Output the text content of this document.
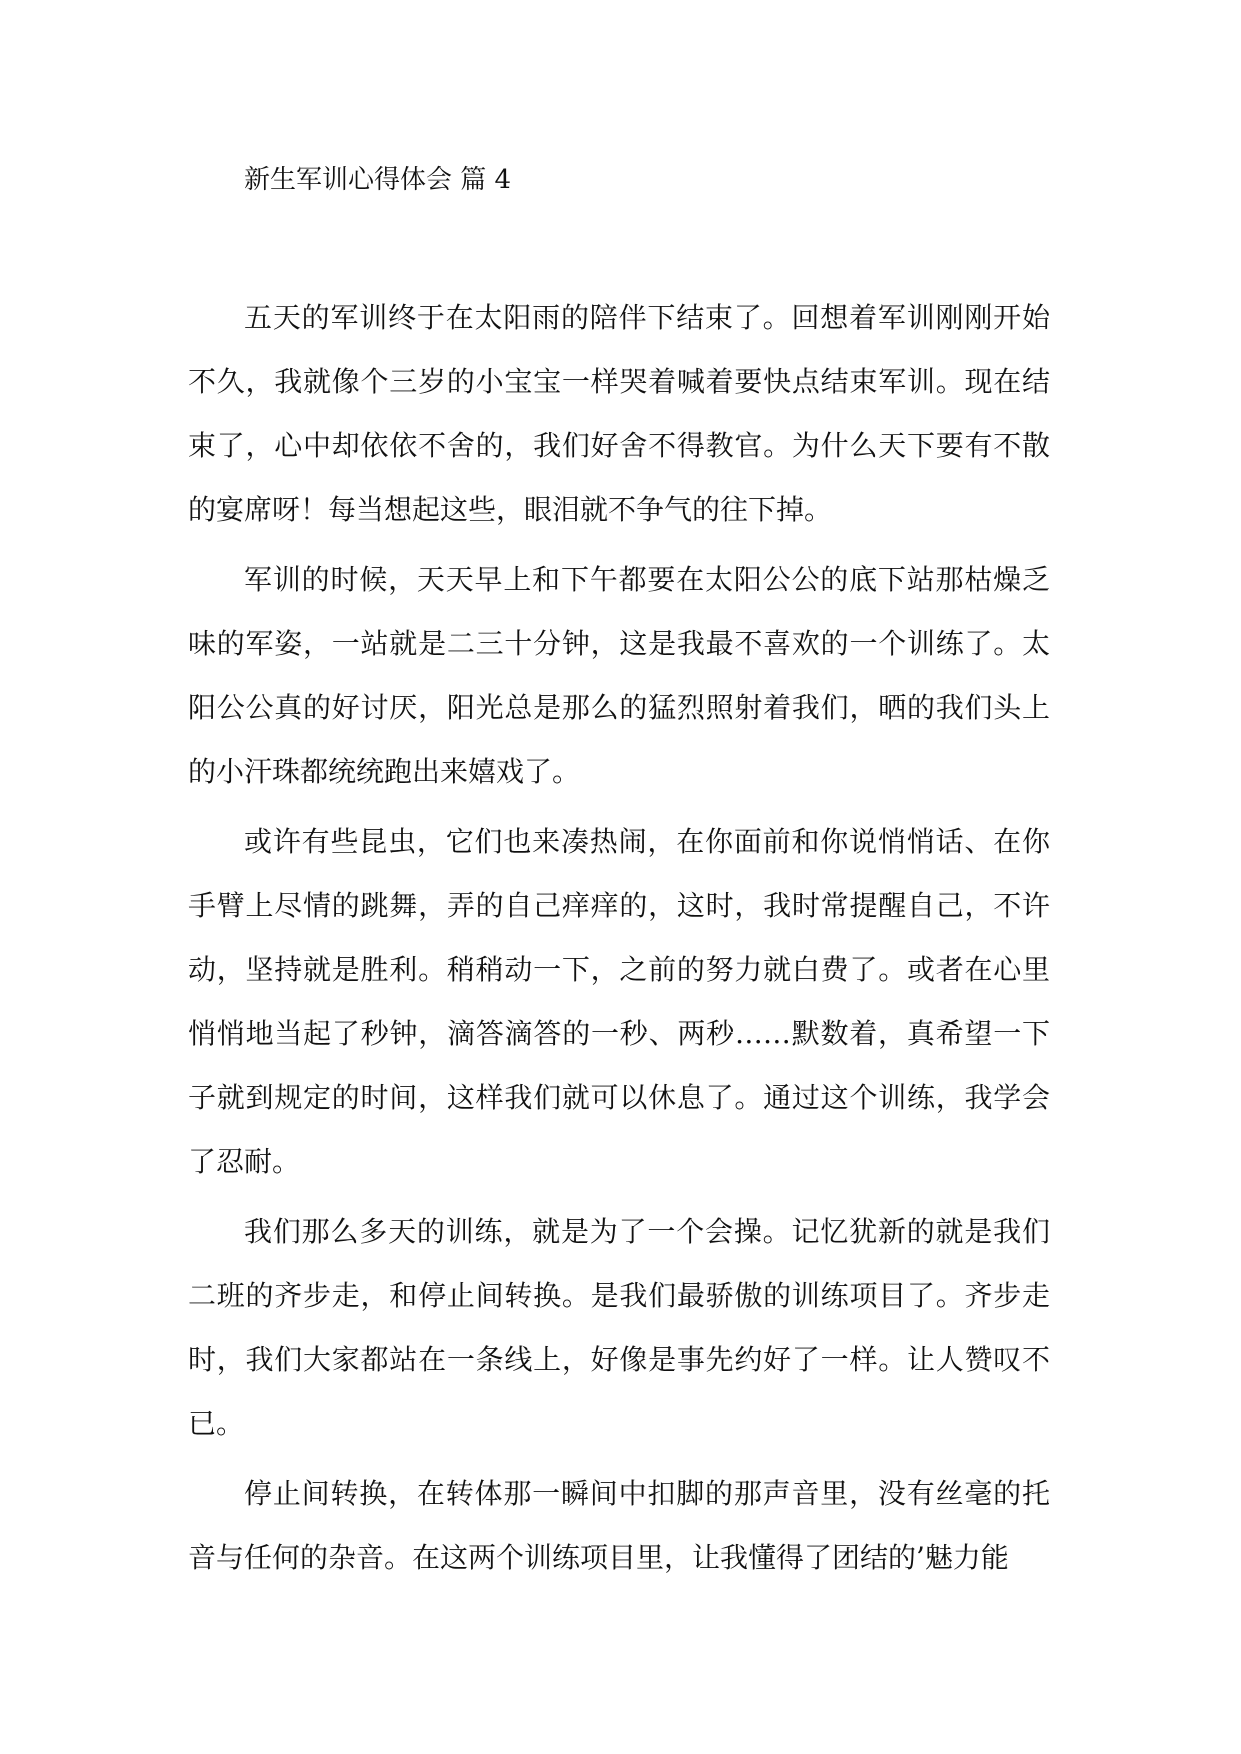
新生军训心得体会 篇 4

五天的军训终于在太阳雨的陪伴下结束了。回想着军训刚刚开始不久，我就像个三岁的小宝宝一样哭着喊着要快点结束军训。现在结束了，心中却依依不舍的，我们好舍不得教官。为什么天下要有不散的宴席呀！每当想起这些，眼泪就不争气的往下掉。

军训的时候，天天早上和下午都要在太阳公公的底下站那枯燥乏味的军姿，一站就是二三十分钟，这是我最不喜欢的一个训练了。太阳公公真的好讨厌，阳光总是那么的猛烈照射着我们，晒的我们头上的小汗珠都统统跑出来嬉戏了。

或许有些昆虫，它们也来凑热闹，在你面前和你说悄悄话、在你手臂上尽情的跳舞，弄的自己痒痒的，这时，我时常提醒自己，不许动，坚持就是胜利。稍稍动一下，之前的努力就白费了。或者在心里悄悄地当起了秒钟，滴答滴答的一秒、两秒……默数着，真希望一下子就到规定的时间，这样我们就可以休息了。通过这个训练，我学会了忍耐。

我们那么多天的训练，就是为了一个会操。记忆犹新的就是我们二班的齐步走，和停止间转换。是我们最骄傲的训练项目了。齐步走时，我们大家都站在一条线上，好像是事先约好了一样。让人赞叹不已。

停止间转换，在转体那一瞬间中扣脚的那声音里，没有丝毫的托音与任何的杂音。在这两个训练项目里，让我懂得了团结的’魅力能
